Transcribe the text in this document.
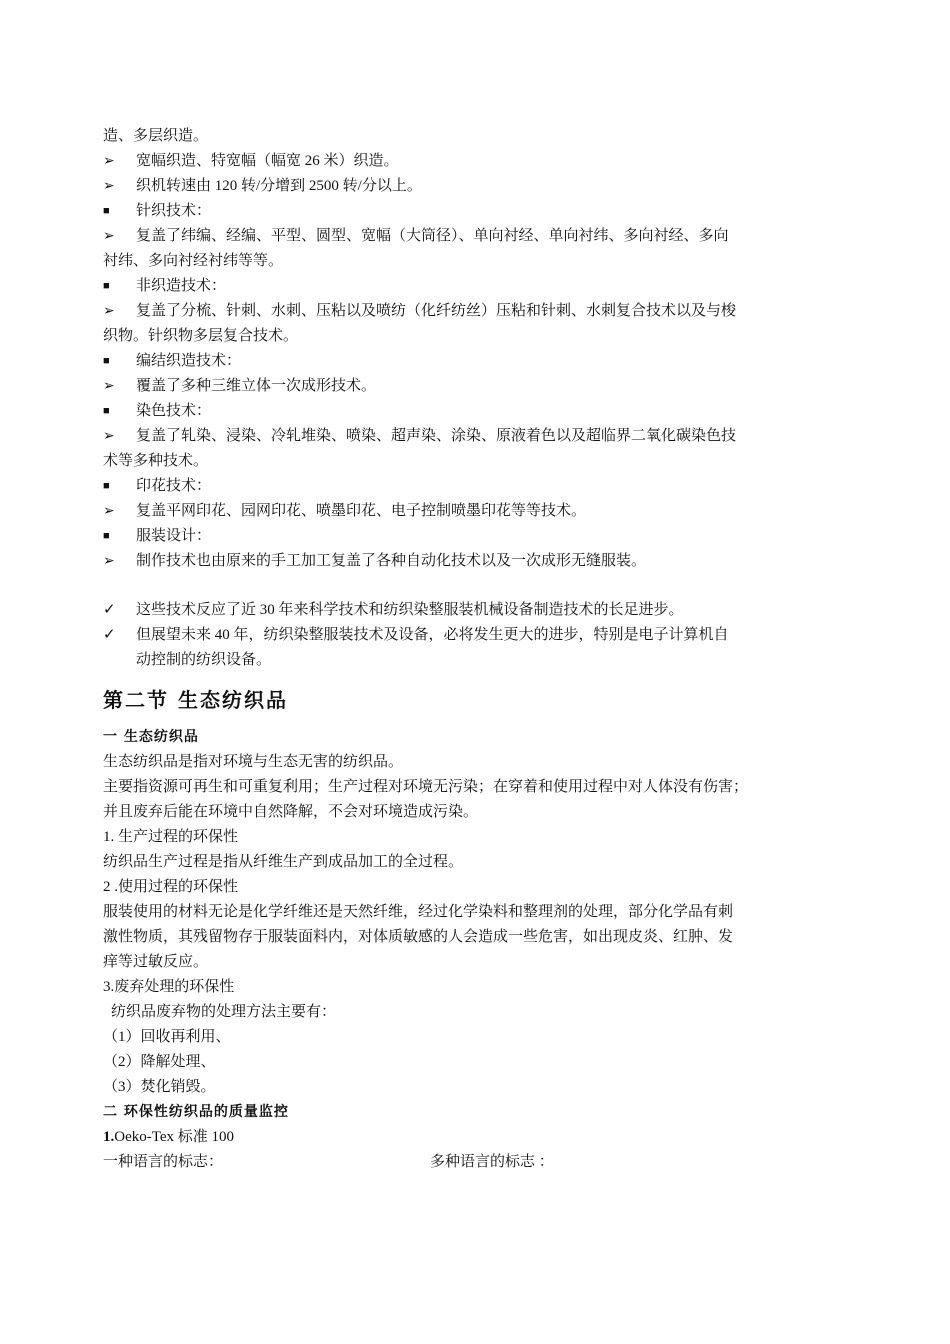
造、多层织造。
➢	宽幅织造、特宽幅（幅宽 26 米）织造。
➢	织机转速由 120 转/分增到 2500 转/分以上。
■	针织技术：
➢	复盖了纬编、经编、平型、圆型、宽幅（大筒径）、单向衬经、单向衬纬、多向衬经、多向
衬纬、多向衬经衬纬等等。
■	非织造技术：
➢	复盖了分梳、针刺、水刺、压粘以及喷纺（化纤纺丝）压粘和针刺、水刺复合技术以及与梭
织物。针织物多层复合技术。
■	编结织造技术：
➢	覆盖了多种三维立体一次成形技术。
■	染色技术：
➢	复盖了轧染、浸染、冷轧堆染、喷染、超声染、涂染、原液着色以及超临界二氧化碳染色技
术等多种技术。
■	印花技术：
➢	复盖平网印花、园网印花、喷墨印花、电子控制喷墨印花等等技术。
■	服装设计：
➢	制作技术也由原来的手工加工复盖了各种自动化技术以及一次成形无缝服装。
✓	这些技术反应了近 30 年来科学技术和纺织染整服装机械设备制造技术的长足进步。
✓	但展望未来 40 年，纺织染整服装技术及设备，必将发生更大的进步，特别是电子计算机自
动控制的纺织设备。
第二节 生态纺织品
一 生态纺织品
生态纺织品是指对环境与生态无害的纺织品。
主要指资源可再生和可重复利用；生产过程对环境无污染；在穿着和使用过程中对人体没有伤害；
并且废弃后能在环境中自然降解，不会对环境造成污染。
1. 生产过程的环保性
纺织品生产过程是指从纤维生产到成品加工的全过程。
2 .使用过程的环保性
服装使用的材料无论是化学纤维还是天然纤维，经过化学染料和整理剂的处理，部分化学品有刺
激性物质，其残留物存于服装面料内，对体质敏感的人会造成一些危害，如出现皮炎、红肿、发
痒等过敏反应。
3.废弃处理的环保性
纺织品废弃物的处理方法主要有：
（1）回收再利用、
（2）降解处理、
（3）焚化销毁。
二 环保性纺织品的质量监控
1.Oeko-Tex 标准 100
一种语言的标志：	多种语言的标志 ：
